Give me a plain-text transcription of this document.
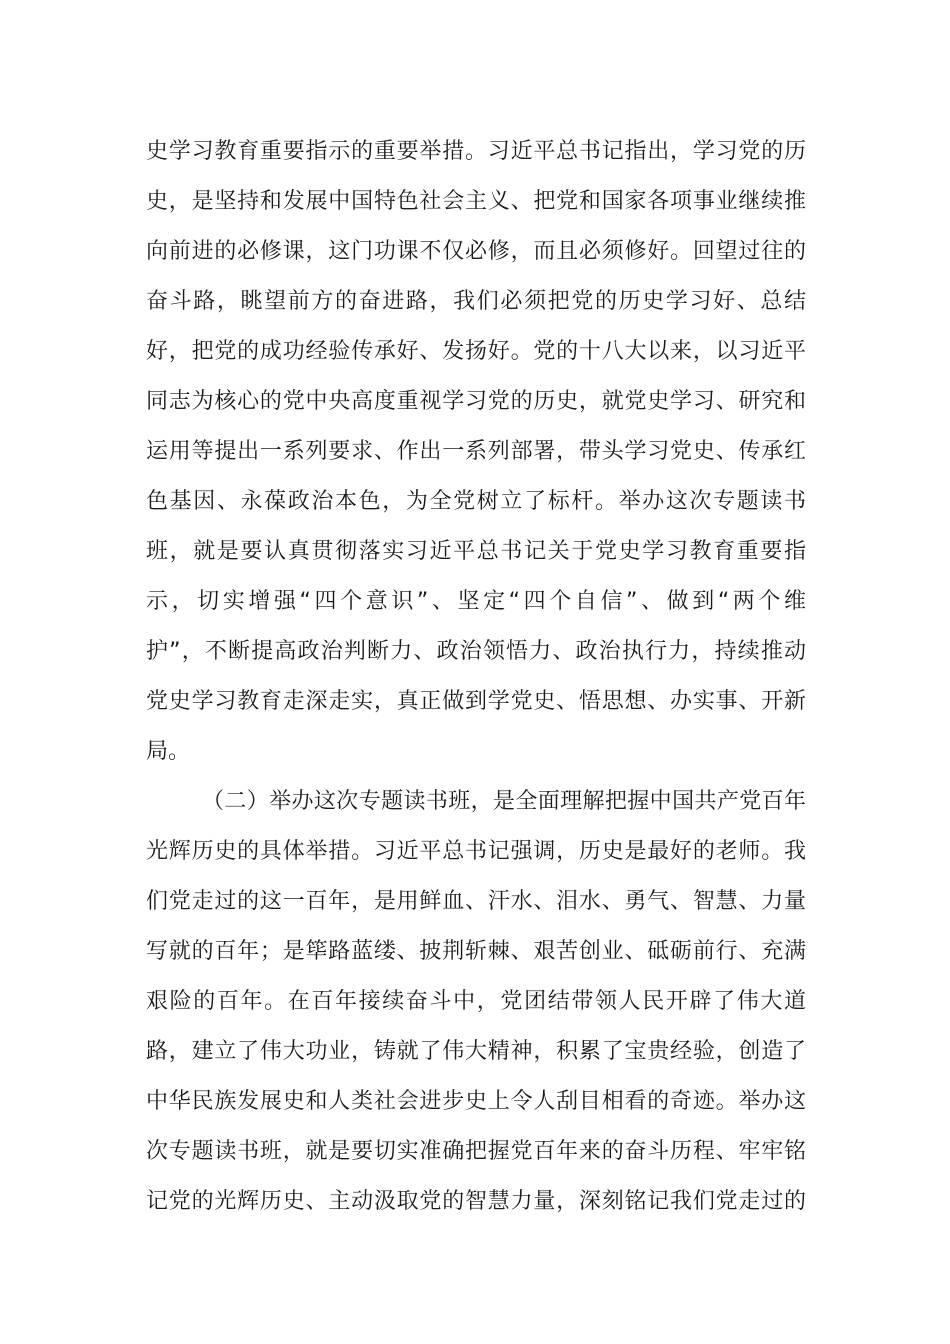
史学习教育重要指示的重要举措。习近平总书记指出，学习党的历

史，是坚持和发展中国特色社会主义、把党和国家各项事业继续推

向前进的必修课，这门功课不仅必修，而且必须修好。回望过往的

奋斗路，眺望前方的奋进路，我们必须把党的历史学习好、总结

好，把党的成功经验传承好、发扬好。党的十八大以来，以习近平

同志为核心的党中央高度重视学习党的历史，就党史学习、研究和

运用等提出一系列要求、作出一系列部署，带头学习党史、传承红

色基因、永葆政治本色，为全党树立了标杆。举办这次专题读书

班，就是要认真贯彻落实习近平总书记关于党史学习教育重要指

示，切实增强“四个意识”、坚定“四个自信”、做到“两个维

护”，不断提高政治判断力、政治领悟力、政治执行力，持续推动

党史学习教育走深走实，真正做到学党史、悟思想、办实事、开新

局。

（二）举办这次专题读书班，是全面理解把握中国共产党百年

光辉历史的具体举措。习近平总书记强调，历史是最好的老师。我

们党走过的这一百年，是用鲜血、汗水、泪水、勇气、智慧、力量

写就的百年；是筚路蓝缕、披荆斩棘、艰苦创业、砥砺前行、充满

艰险的百年。在百年接续奋斗中，党团结带领人民开辟了伟大道

路，建立了伟大功业，铸就了伟大精神，积累了宝贵经验，创造了

中华民族发展史和人类社会进步史上令人刮目相看的奇迹。举办这

次专题读书班，就是要切实准确把握党百年来的奋斗历程、牢牢铭

记党的光辉历史、主动汲取党的智慧力量，深刻铭记我们党走过的
